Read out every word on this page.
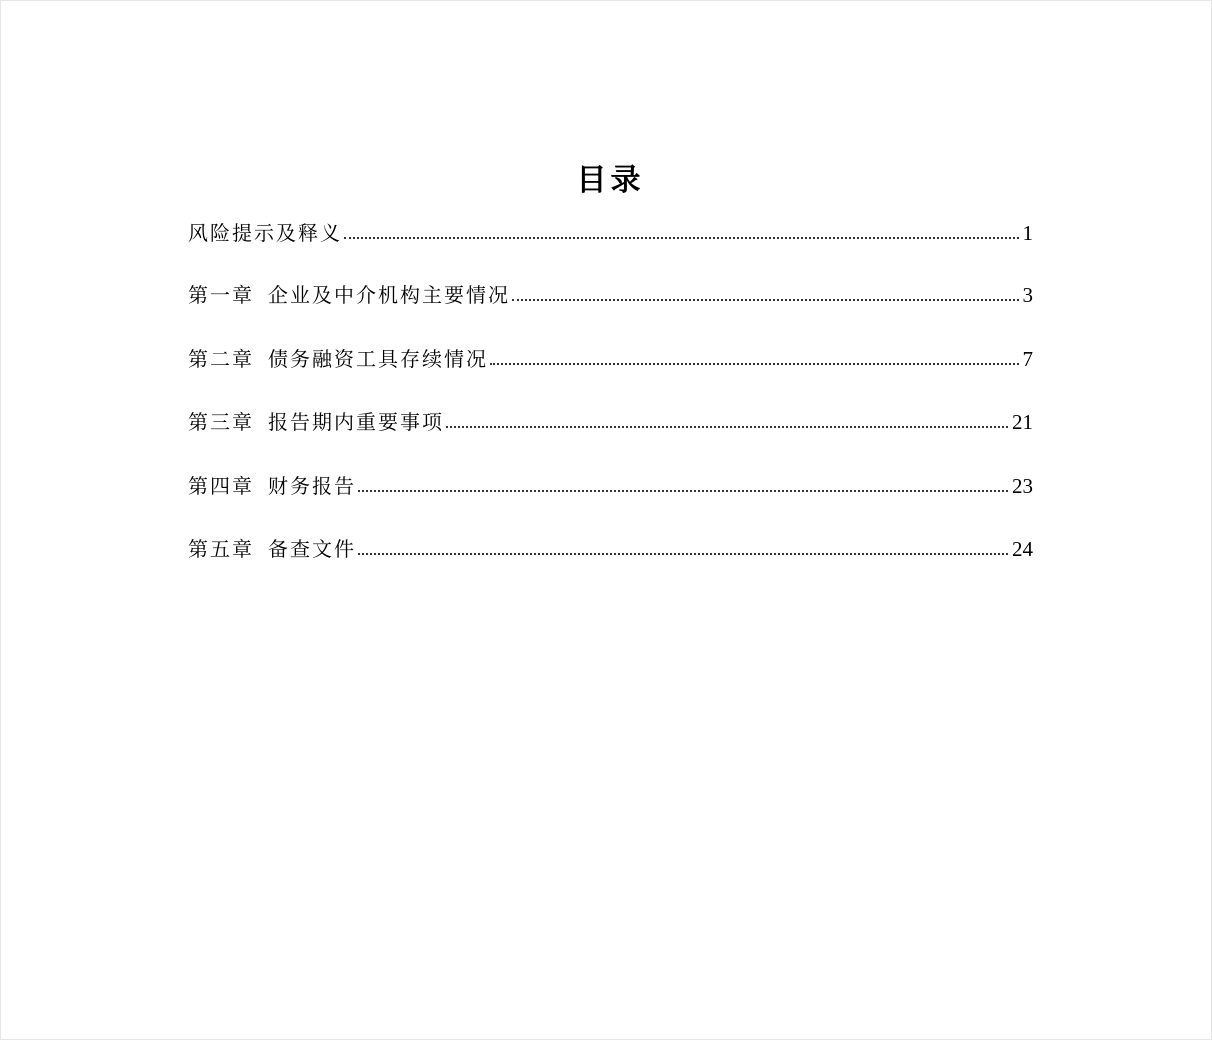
目录
风险提示及释义	1
第一章 企业及中介机构主要情况	3
第二章 债务融资工具存续情况	7
第三章 报告期内重要事项	21
第四章 财务报告	23
第五章 备查文件	24
